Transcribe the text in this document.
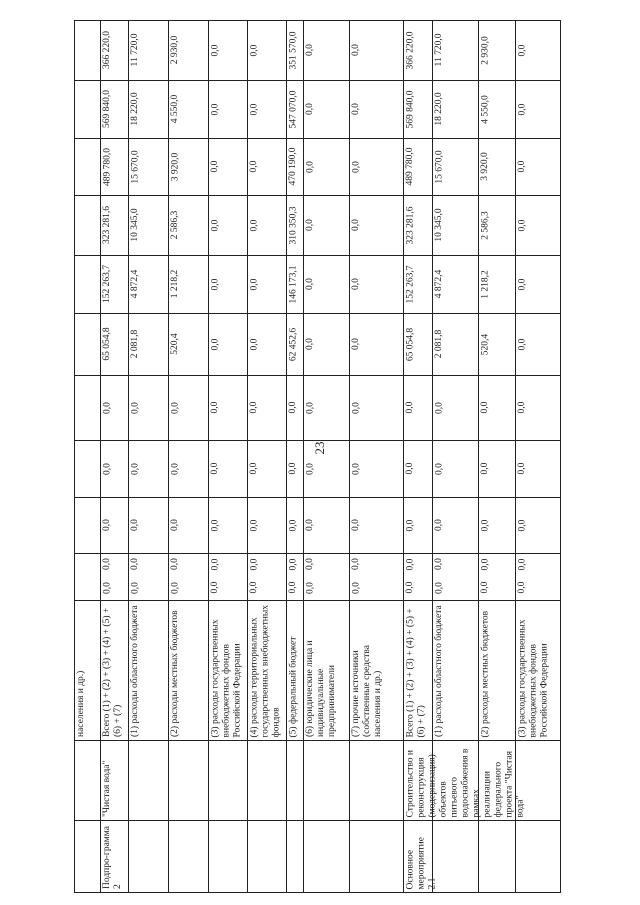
23
населения и др.)
Подпро-грамма 2
"Чистая вода"
Всего (1) + (2) + (3) + (4) + (5) + (6) + (7)
0,0
0,0
0,0
0,0
0,0
65 054,8
152 263,7
323 281,6
489 780,0
569 840,0
366 220,0
(1) расходы областного бюджета
0,0
0,0
0,0
0,0
0,0
2 081,8
4 872,4
10 345,0
15 670,0
18 220,0
11 720,0
(2) расходы местных бюджетов
0,0
0,0
0,0
0,0
0,0
520,4
1 218,2
2 586,3
3 920,0
4 550,0
2 930,0
(3) расходы государственных внебюджетных фондов Российской Федерации
0,0
0,0
0,0
0,0
0,0
0,0
0,0
0,0
0,0
0,0
0,0
(4) расходы территориальных государственных внебюджетных фондов
0,0
0,0
0,0
0,0
0,0
0,0
0,0
0,0
0,0
0,0
0,0
(5) федеральный бюджет
0,0
0,0
0,0
0,0
0,0
62 452,6
146 173,1
310 350,3
470 190,0
547 070,0
351 570,0
(6) юридические лица и индивидуальные предприниматели
0,0
0,0
0,0
0,0
0,0
0,0
0,0
0,0
0,0
0,0
0,0
(7) прочие источники (собственные средства населения и др.)
0,0
0,0
0,0
0,0
0,0
0,0
0,0
0,0
0,0
0,0
0,0
Основное мероприятие 2.1
Строительство и реконструкция (модернизация) объектов питьевого водоснабжения в рамках реализации федерального проекта "Чистая вода"
Всего (1) + (2) + (3) + (4) + (5) + (6) + (7)
0,0
0,0
0,0
0,0
0,0
65 054,8
152 263,7
323 281,6
489 780,0
569 840,0
366 220,0
(1) расходы областного бюджета
0,0
0,0
0,0
0,0
0,0
2 081,8
4 872,4
10 345,0
15 670,0
18 220,0
11 720,0
(2) расходы местных бюджетов
0,0
0,0
0,0
0,0
0,0
520,4
1 218,2
2 586,3
3 920,0
4 550,0
2 930,0
(3) расходы государственных внебюджетных фондов Российской Федерации
0,0
0,0
0,0
0,0
0,0
0,0
0,0
0,0
0,0
0,0
0,0
